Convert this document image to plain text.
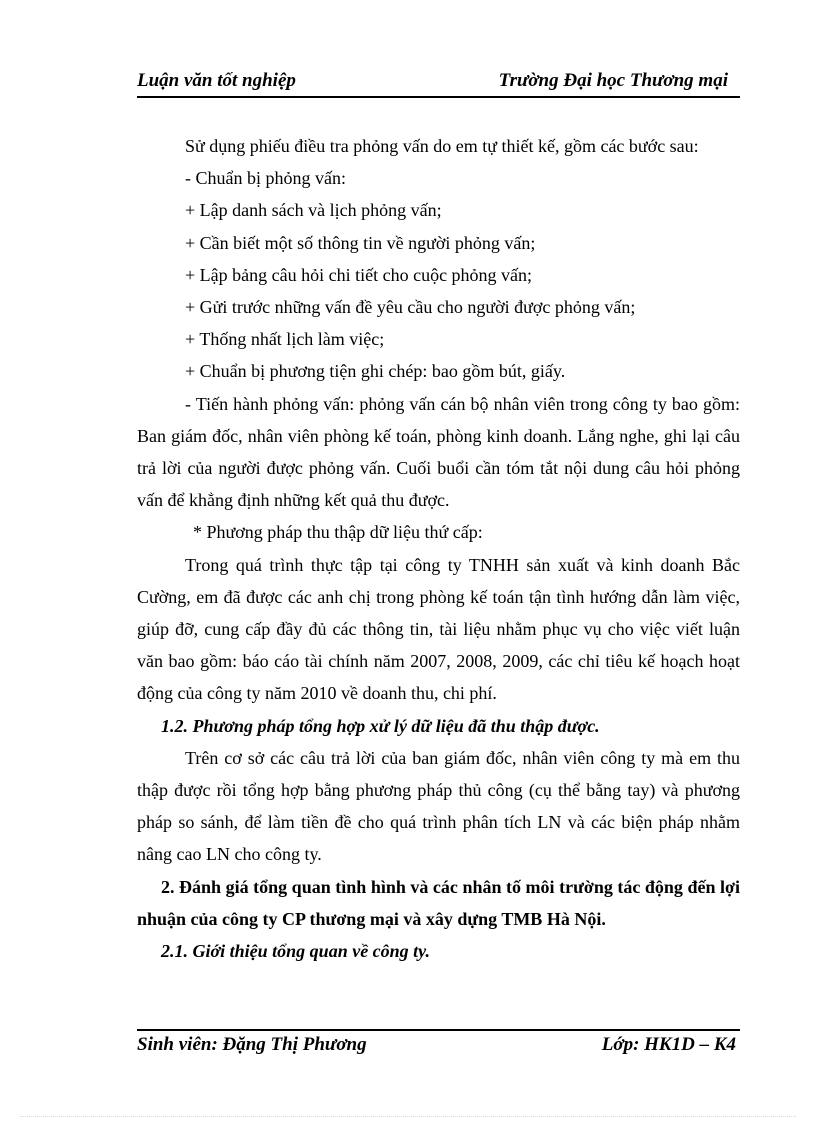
Luận văn tốt nghiệp	Trường Đại học Thương mại

Sử dụng phiếu điều tra phỏng vấn do em tự thiết kế, gồm các bước sau:

- Chuẩn bị phỏng vấn:

+ Lập danh sách và lịch phỏng vấn;

+ Cần biết một số thông tin về người phỏng vấn;

+ Lập bảng câu hỏi chi tiết cho cuộc phỏng vấn;

+ Gửi trước những vấn đề yêu cầu cho người được phỏng vấn;

+ Thống nhất lịch làm việc;

+ Chuẩn bị phương tiện ghi chép: bao gồm bút, giấy.

- Tiến hành phỏng vấn: phỏng vấn cán bộ nhân viên trong công ty bao gồm: Ban giám đốc, nhân viên phòng kế toán, phòng kinh doanh. Lắng nghe, ghi lại câu trả lời của người được phỏng vấn. Cuối buổi cần tóm tắt nội dung câu hỏi phỏng vấn để khẳng định những kết quả thu được.

* Phương pháp thu thập dữ liệu thứ cấp:

Trong quá trình thực tập tại công ty TNHH sản xuất và kinh doanh Bắc Cường, em đã được các anh chị trong phòng kế toán tận tình hướng dẫn làm việc, giúp đỡ, cung cấp đầy đủ các thông tin, tài liệu nhằm phục vụ cho việc viết luận văn bao gồm: báo cáo tài chính năm 2007, 2008, 2009, các chỉ tiêu kế hoạch hoạt động của công ty năm 2010 về doanh thu, chi phí.

1.2. Phương pháp tổng hợp xử lý dữ liệu đã thu thập được.

Trên cơ sở các câu trả lời của ban giám đốc, nhân viên công ty mà em thu thập được rồi tổng hợp bằng phương pháp thủ công (cụ thể bằng tay) và phương pháp so sánh, để làm tiền đề cho quá trình phân tích LN và các biện pháp nhằm nâng cao LN cho công ty.

2. Đánh giá tổng quan tình hình và các nhân tố môi trường tác động đến lợi nhuận của công ty CP thương mại và xây dựng TMB Hà Nội.

2.1. Giới thiệu tổng quan về công ty.

Sinh viên: Đặng Thị Phương	Lớp: HK1D – K4
